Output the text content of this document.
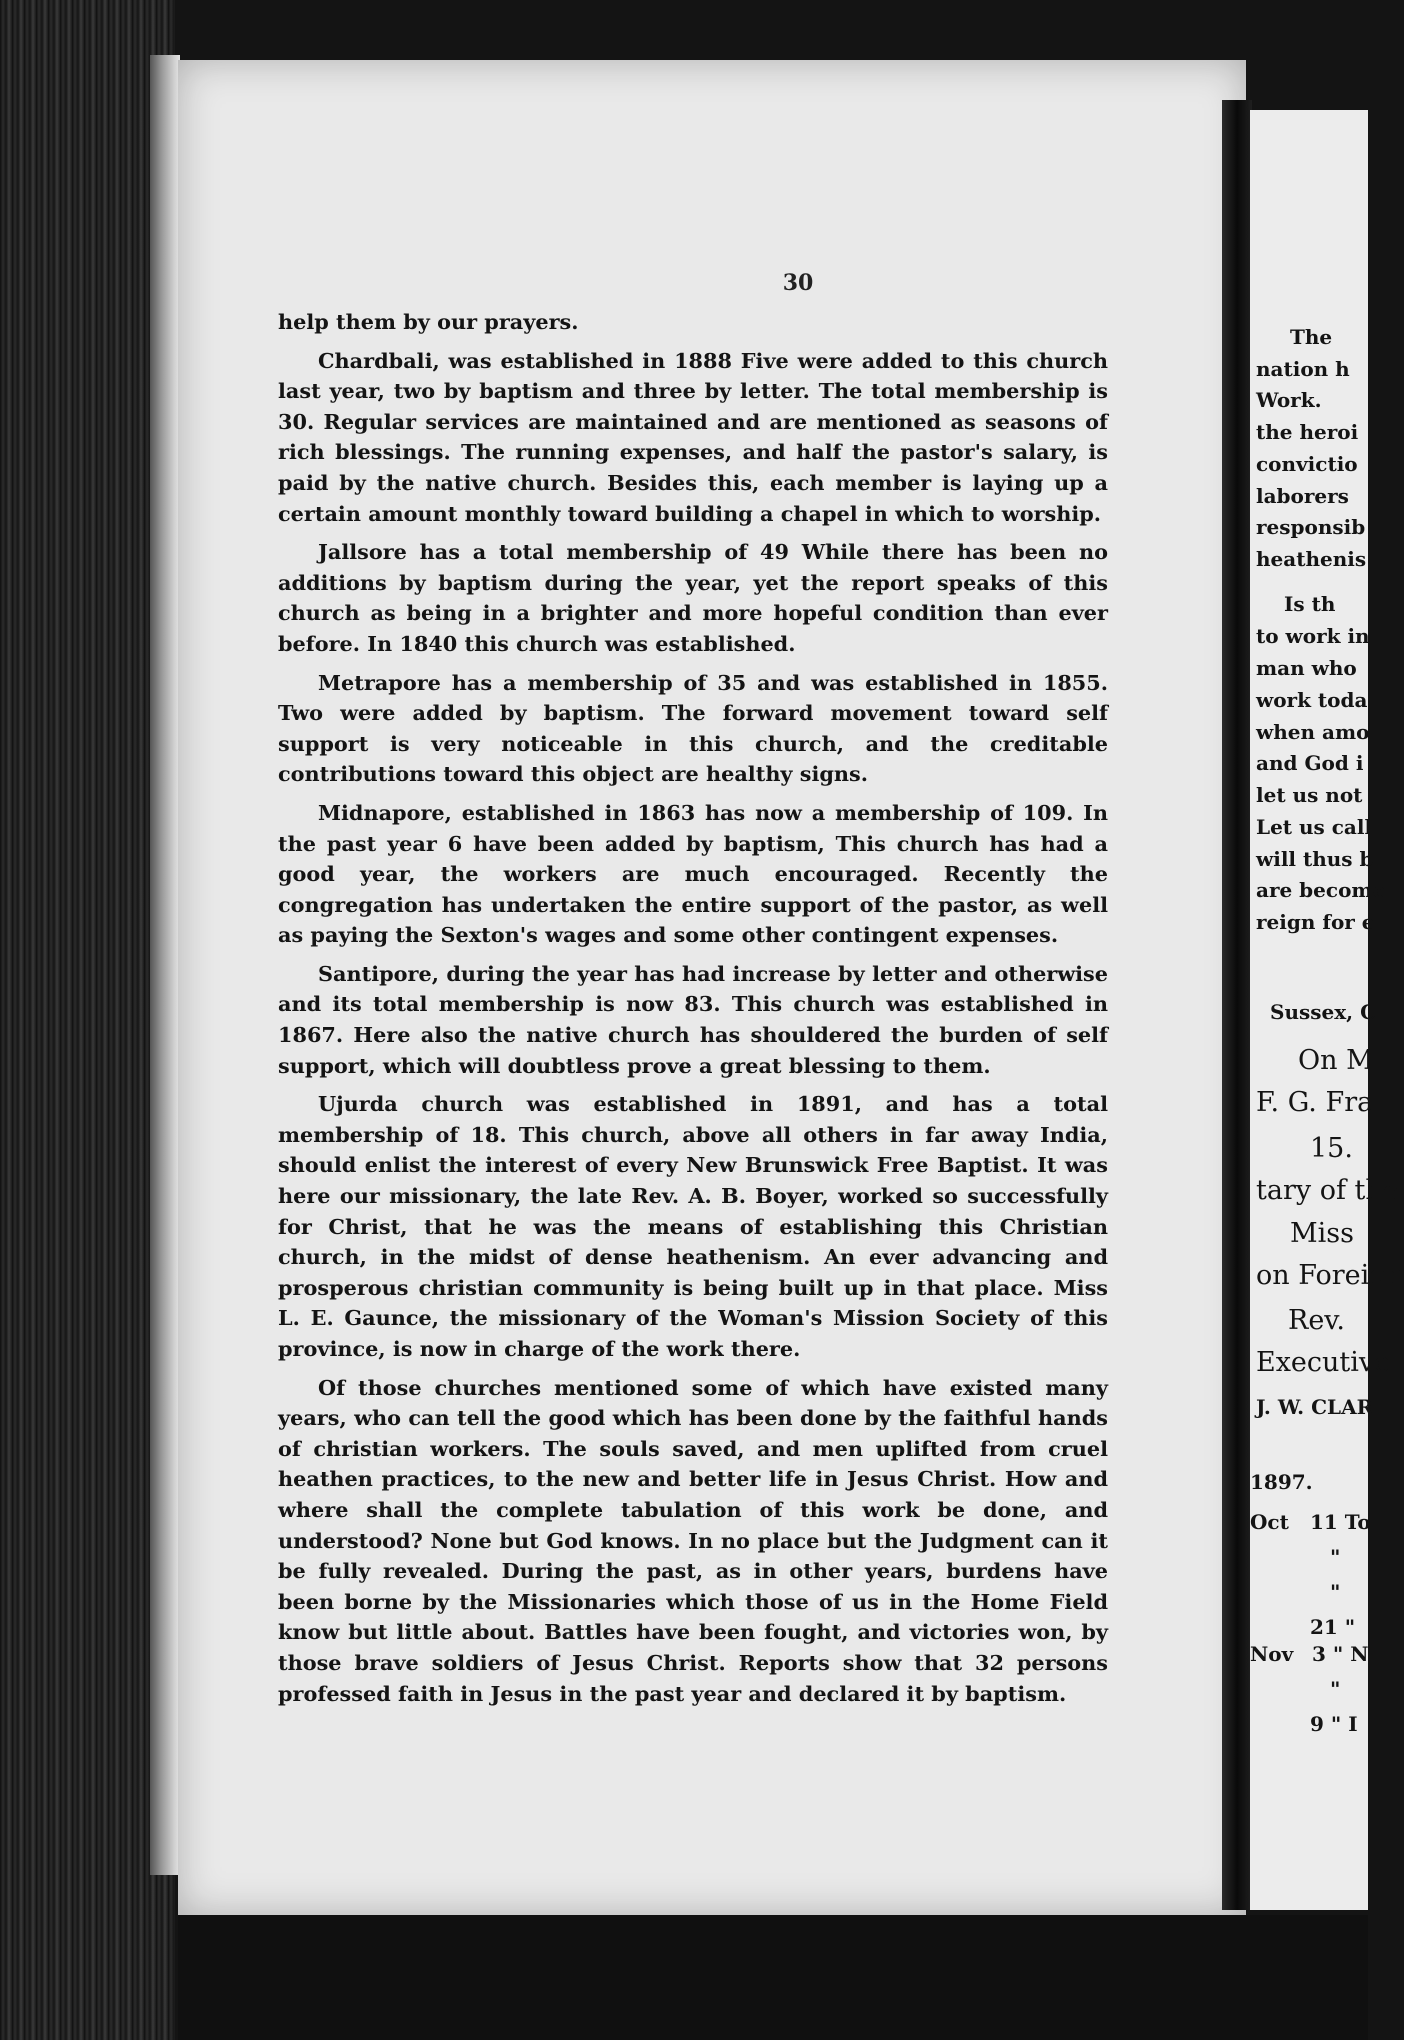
30

help them by our prayers.

Chardbali, was established in 1888 Five were added to this church last year, two by baptism and three by letter. The total membership is 30. Regular services are maintained and are mentioned as seasons of rich blessings. The running expenses, and half the pastor's salary, is paid by the native church. Besides this, each member is laying up a certain amount monthly toward building a chapel in which to worship.

Jallsore has a total membership of 49 While there has been no additions by baptism during the year, yet the report speaks of this church as being in a brighter and more hopeful condition than ever before. In 1840 this church was established.

Metrapore has a membership of 35 and was established in 1855. Two were added by baptism. The forward movement toward self support is very noticeable in this church, and the creditable contributions toward this object are healthy signs.

Midnapore, established in 1863 has now a membership of 109. In the past year 6 have been added by baptism, This church has had a good year, the workers are much encouraged. Recently the congregation has undertaken the entire support of the pastor, as well as paying the Sexton's wages and some other contingent expenses.

Santipore, during the year has had increase by letter and otherwise and its total membership is now 83. This church was established in 1867. Here also the native church has shouldered the burden of self support, which will doubtless prove a great blessing to them.

Ujurda church was established in 1891, and has a total membership of 18. This church, above all others in far away India, should enlist the interest of every New Brunswick Free Baptist. It was here our missionary, the late Rev. A. B. Boyer, worked so successfully for Christ, that he was the means of establishing this Christian church, in the midst of dense heathenism. An ever advancing and prosperous christian community is being built up in that place. Miss L. E. Gaunce, the missionary of the Woman's Mission Society of this province, is now in charge of the work there.

Of those churches mentioned some of which have existed many years, who can tell the good which has been done by the faithful hands of christian workers. The souls saved, and men uplifted from cruel heathen practices, to the new and better life in Jesus Christ. How and where shall the complete tabulation of this work be done, and understood? None but God knows. In no place but the Judgment can it be fully revealed. During the past, as in other years, burdens have been borne by the Missionaries which those of us in the Home Field know but little about. Battles have been fought, and victories won, by those brave soldiers of Jesus Christ. Reports show that 32 persons professed faith in Jesus in the past year and declared it by baptism.

The
nation h
Work.
the heroi
convictio
laborers
responsib
heathenis
Is th
to work in
man who
work toda
when amo
and God i
let us not
Let us call
will thus b
are become
reign for e
Sussex, C
On M
F. G. Fra
15.
tary of the
Miss
on Foreign
Rev.
Executive
J. W. CLAR
1897.
Oct 11 To
"
"
21 "
Nov 3 " N
"
9 " I
